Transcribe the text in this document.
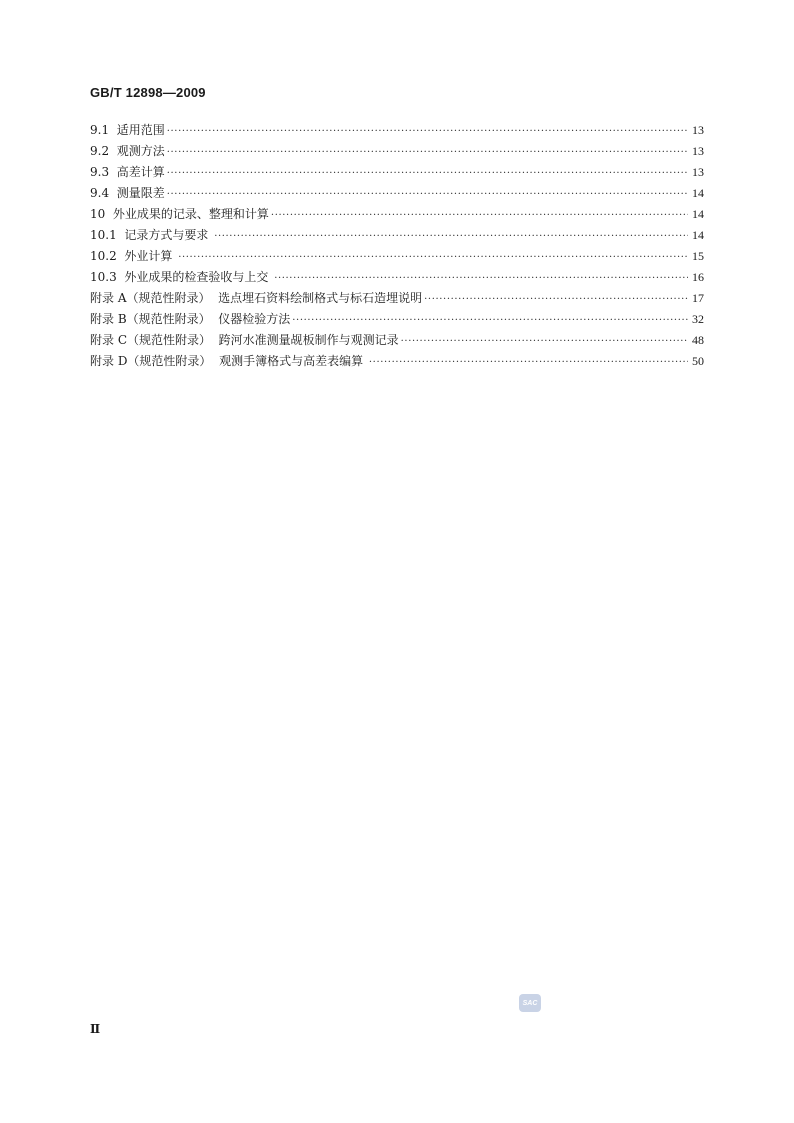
GB/T 12898—2009
9.1 适用范围 ·····	13
9.2 观测方法 ·····	13
9.3 高差计算 ·····	13
9.4 测量限差 ·····	14
10 外业成果的记录、整理和计算 ·····	14
10.1 记录方式与要求 ·····	14
10.2 外业计算 ·····	15
10.3 外业成果的检查验收与上交 ·····	16
附录 A（规范性附录） 选点埋石资料绘制格式与标石造埋说明 ·····	17
附录 B（规范性附录） 仪器检验方法 ·····	32
附录 C（规范性附录） 跨河水准测量觇板制作与观测记录 ·····	48
附录 D（规范性附录） 观测手簿格式与高差表编算 ·····	50
SAC
Ⅱ
